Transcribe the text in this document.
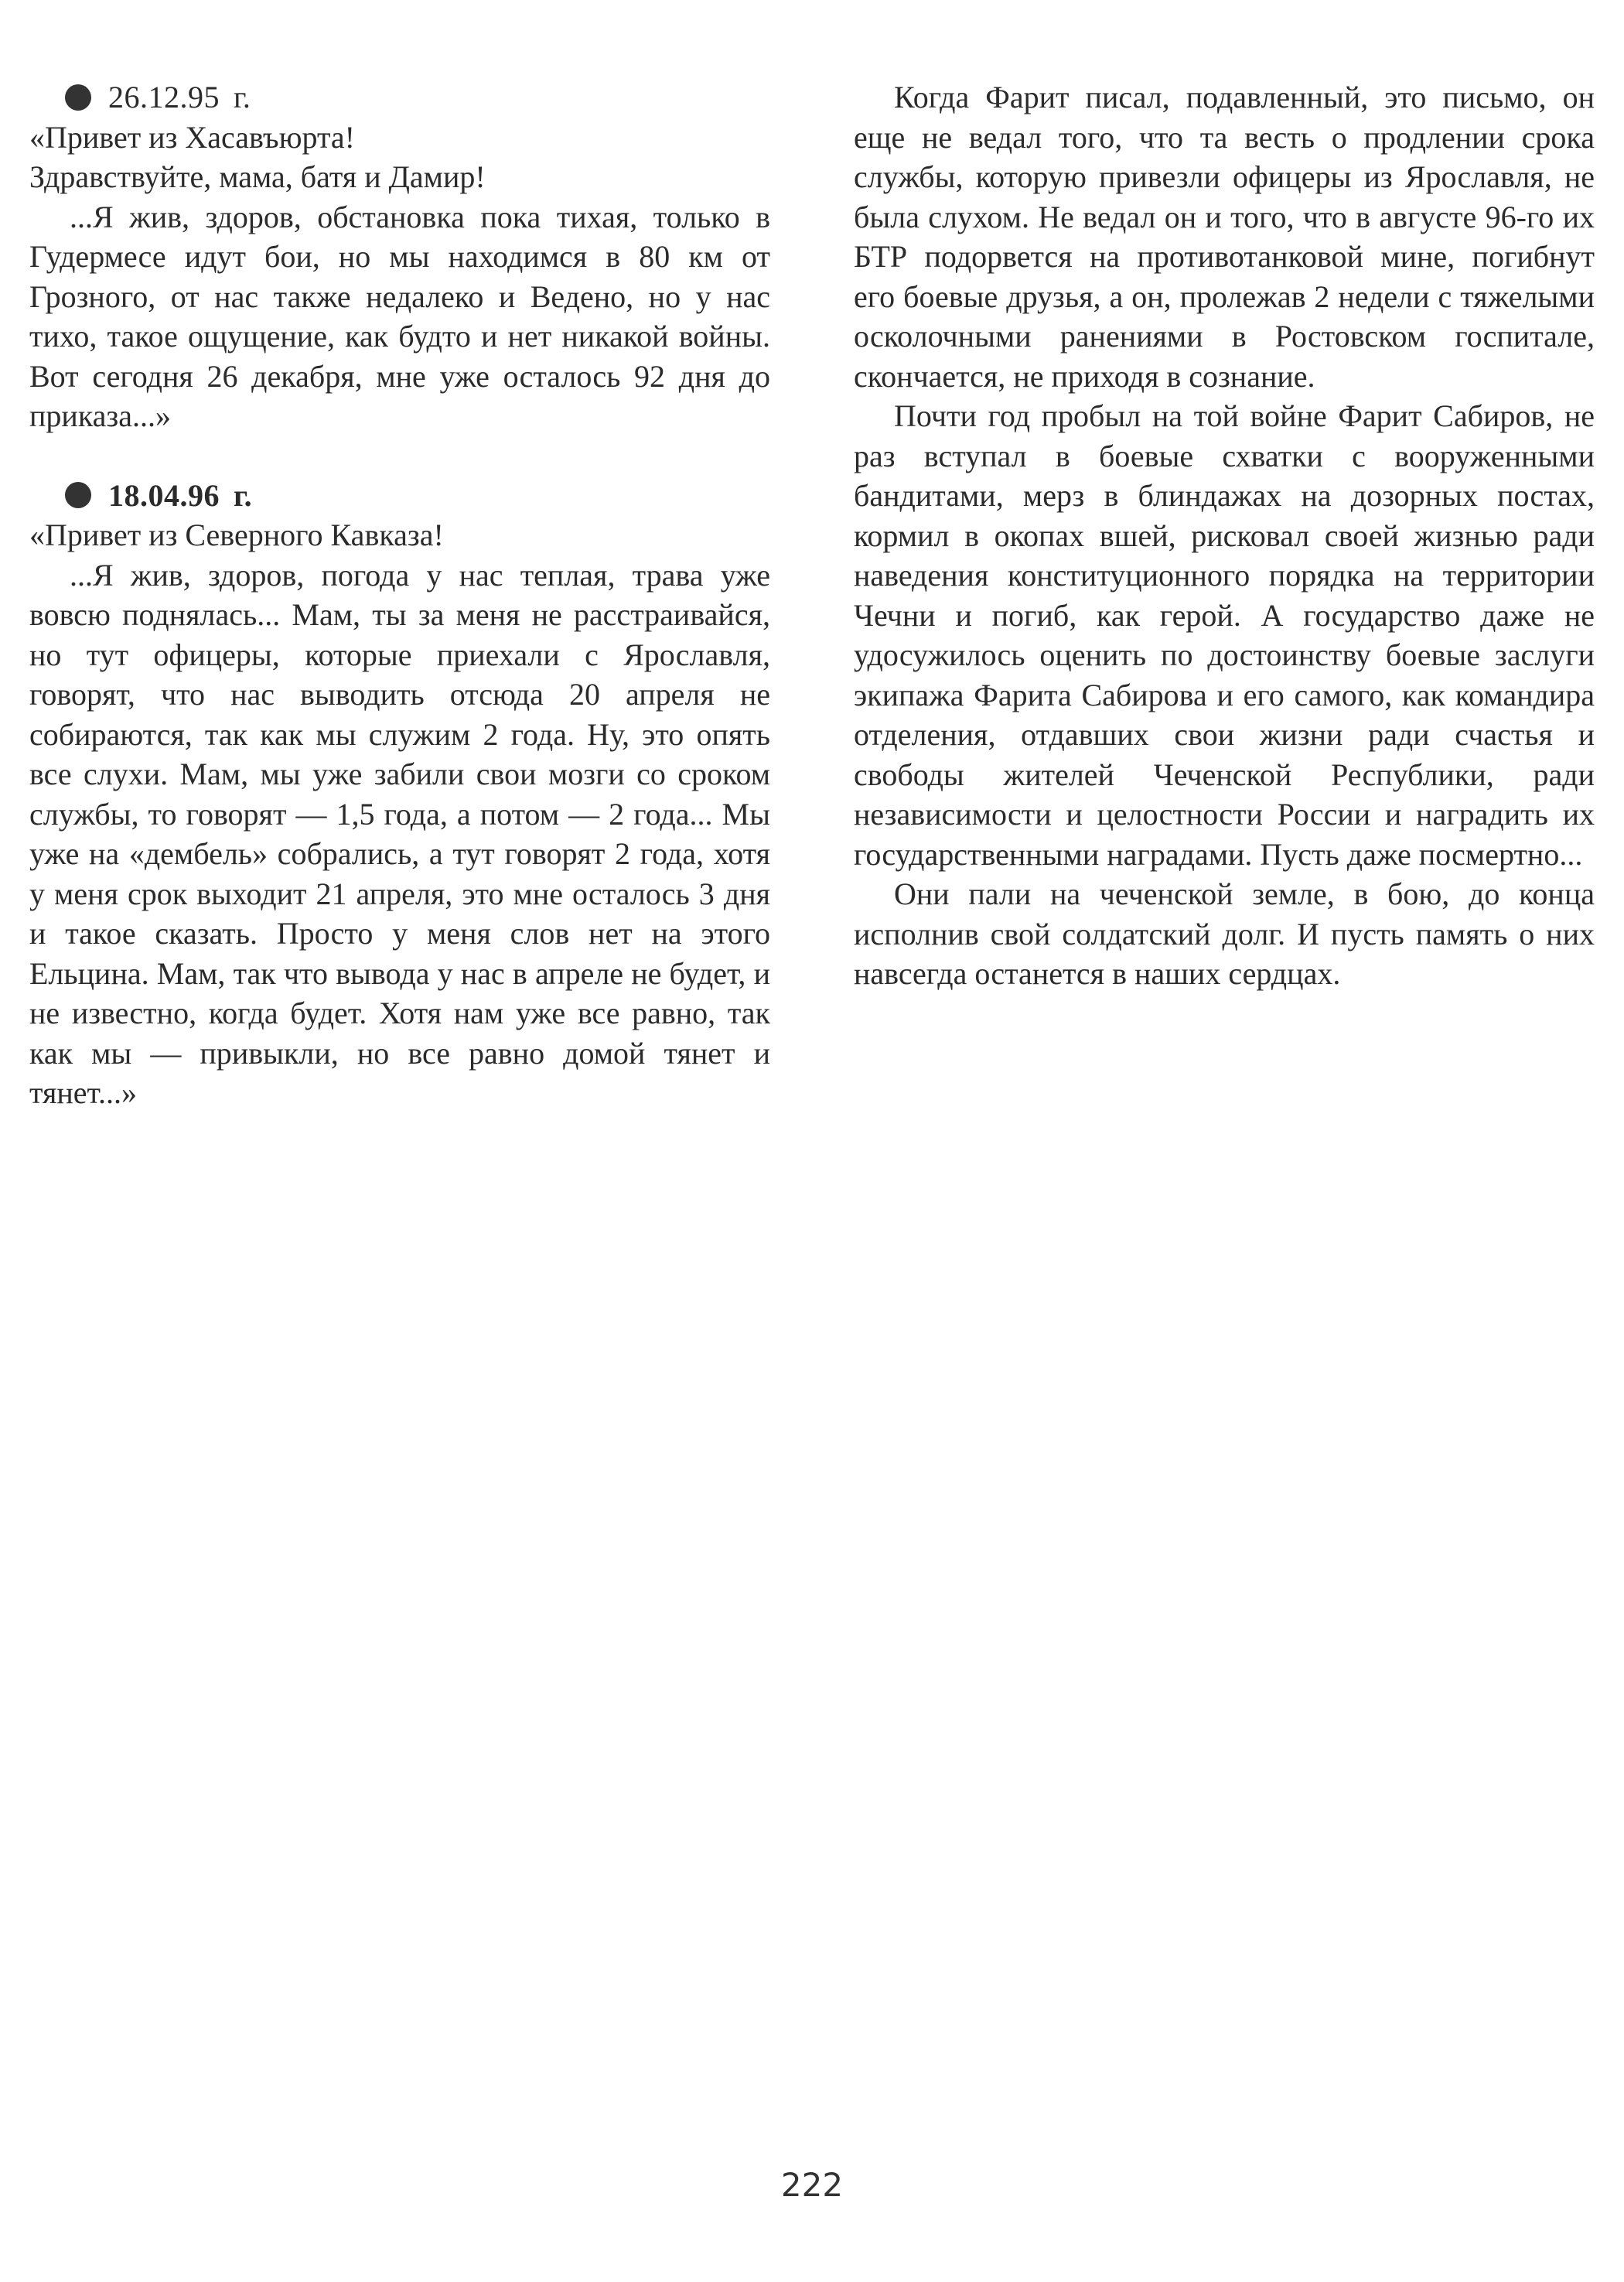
26.12.95 г.

«Привет из Хасавъюрта!

Здравствуйте, мама, батя и Дамир!

...Я жив, здоров, обстановка пока тихая, только в Гудермесе идут бои, но мы находимся в 80 км от Грозного, от нас также недалеко и Ведено, но у нас тихо, такое ощущение, как будто и нет никакой войны. Вот сегодня 26 декабря, мне уже осталось 92 дня до приказа...»

18.04.96 г.

«Привет из Северного Кавказа!

...Я жив, здоров, погода у нас теплая, трава уже вовсю поднялась... Мам, ты за меня не расстраивайся, но тут офицеры, которые приехали с Ярославля, говорят, что нас выводить отсюда 20 апреля не собираются, так как мы служим 2 года. Ну, это опять все слухи. Мам, мы уже забили свои мозги со сроком службы, то говорят — 1,5 года, а потом — 2 года... Мы уже на «дембель» собрались, а тут говорят 2 года, хотя у меня срок выходит 21 апреля, это мне осталось 3 дня и такое сказать. Просто у меня слов нет на этого Ельцина. Мам, так что вывода у нас в апреле не будет, и не известно, когда будет. Хотя нам уже все равно, так как мы — привыкли, но все равно домой тянет и тянет...»

Когда Фарит писал, подавленный, это письмо, он еще не ведал того, что та весть о продлении срока службы, которую привезли офицеры из Ярославля, не была слухом. Не ведал он и того, что в августе 96-го их БТР подорвется на противотанковой мине, погибнут его боевые друзья, а он, пролежав 2 недели с тяжелыми осколочными ранениями в Ростовском госпитале, скончается, не приходя в сознание.

Почти год пробыл на той войне Фарит Сабиров, не раз вступал в боевые схватки с вооруженными бандитами, мерз в блиндажах на дозорных постах, кормил в окопах вшей, рисковал своей жизнью ради наведения конституционного порядка на территории Чечни и погиб, как герой. А государство даже не удосужилось оценить по достоинству боевые заслуги экипажа Фарита Сабирова и его самого, как командира отделения, отдавших свои жизни ради счастья и свободы жителей Чеченской Республики, ради независимости и целостности России и наградить их государственными наградами. Пусть даже посмертно...

Они пали на чеченской земле, в бою, до конца исполнив свой солдатский долг. И пусть память о них навсегда останется в наших сердцах.

222
